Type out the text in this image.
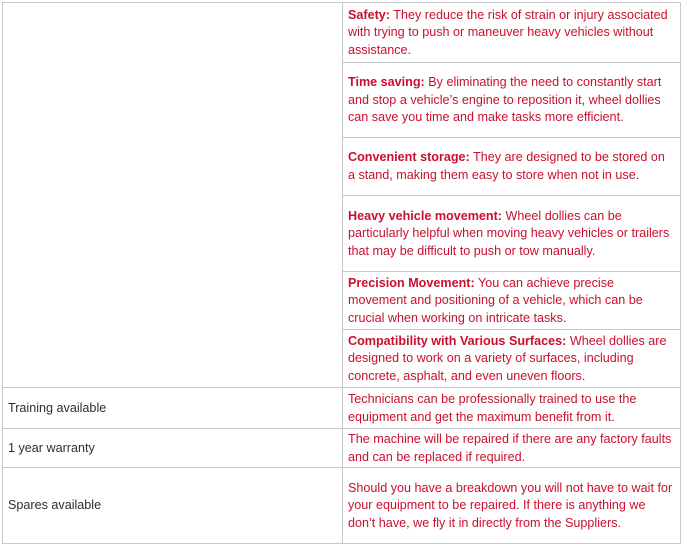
	Safety: They reduce the risk of strain or injury associated with trying to push or maneuver heavy vehicles without assistance.
	Time saving: By eliminating the need to constantly start and stop a vehicle’s engine to reposition it, wheel dollies can save you time and make tasks more efficient.
	Convenient storage: They are designed to be stored on a stand, making them easy to store when not in use.
	Heavy vehicle movement: Wheel dollies can be particularly helpful when moving heavy vehicles or trailers that may be difficult to push or tow manually.
	Precision Movement: You can achieve precise movement and positioning of a vehicle, which can be crucial when working on intricate tasks.
	Compatibility with Various Surfaces: Wheel dollies are designed to work on a variety of surfaces, including concrete, asphalt, and even uneven floors.
Training available	Technicians can be professionally trained to use the equipment and get the maximum benefit from it.
1 year warranty	The machine will be repaired if there are any factory faults and can be replaced if required.
Spares available	Should you have a breakdown you will not have to wait for your equipment to be repaired. If there is anything we don’t have, we fly it in directly from the Suppliers.
